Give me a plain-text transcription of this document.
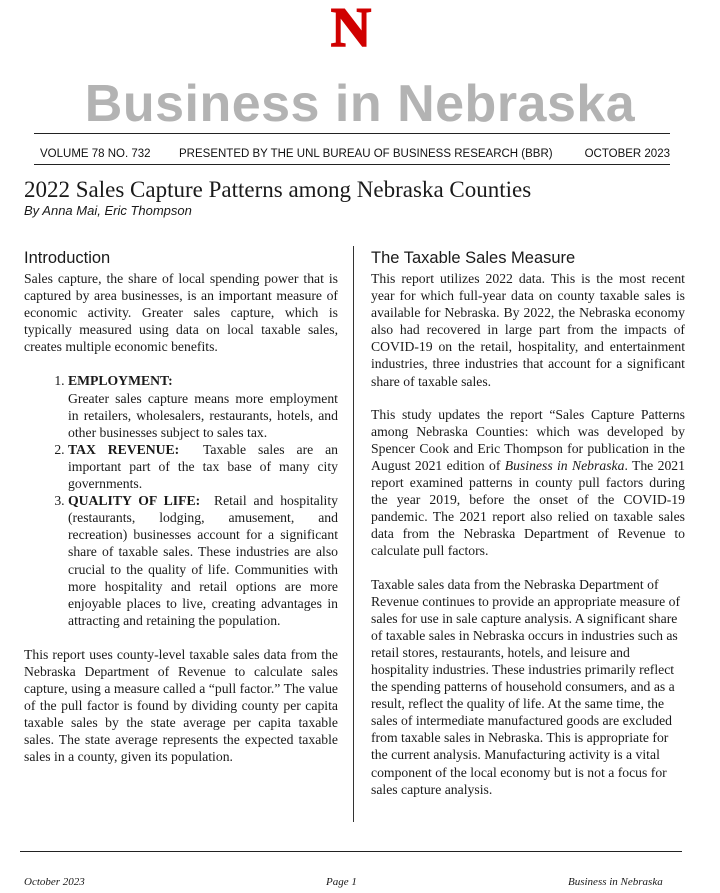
N
Business in Nebraska
VOLUME 78 NO. 732 PRESENTED BY THE UNL BUREAU OF BUSINESS RESEARCH (BBR)	OCTOBER 2023
2022 Sales Capture Patterns among Nebraska Counties
By Anna Mai, Eric Thompson
Introduction

Sales capture, the share of local spending power that is captured by area businesses, is an important measure of economic activity. Greater sales capture, which is typically measured using data on local taxable sales, creates multiple economic benefits.

1. EMPLOYMENT:
Greater sales capture means more employment in retailers, wholesalers, restaurants, hotels, and other businesses subject to sales tax.
2. TAX REVENUE: Taxable sales are an important part of the tax base of many city governments.
3. QUALITY OF LIFE: Retail and hospitality (restaurants, lodging, amusement, and recreation) businesses account for a significant share of taxable sales. These industries are also crucial to the quality of life. Communities with more hospitality and retail options are more enjoyable places to live, creating advantages in attracting and retaining the population.

This report uses county-level taxable sales data from the Nebraska Department of Revenue to calculate sales capture, using a measure called a “pull factor.” The value of the pull factor is found by dividing county per capita taxable sales by the state average per capita taxable sales. The state average represents the expected taxable sales in a county, given its population.

The Taxable Sales Measure

This report utilizes 2022 data. This is the most recent year for which full-year data on county taxable sales is available for Nebraska. By 2022, the Nebraska economy also had recovered in large part from the impacts of COVID-19 on the retail, hospitality, and entertainment industries, three industries that account for a significant share of taxable sales.

This study updates the report “Sales Capture Patterns among Nebraska Counties: which was developed by Spencer Cook and Eric Thompson for publication in the August 2021 edition of Business in Nebraska. The 2021 report examined patterns in county pull factors during the year 2019, before the onset of the COVID-19 pandemic. The 2021 report also relied on taxable sales data from the Nebraska Department of Revenue to calculate pull factors.

Taxable sales data from the Nebraska Department of Revenue continues to provide an appropriate measure of sales for use in sale capture analysis. A significant share of taxable sales in Nebraska occurs in industries such as retail stores, restaurants, hotels, and leisure and hospitality industries. These industries primarily reflect the spending patterns of household consumers, and as a result, reflect the quality of life. At the same time, the sales of intermediate manufactured goods are excluded from taxable sales in Nebraska. This is appropriate for the current analysis. Manufacturing activity is a vital component of the local economy but is not a focus for sales capture analysis.

October 2023	Page 1	Business in Nebraska
